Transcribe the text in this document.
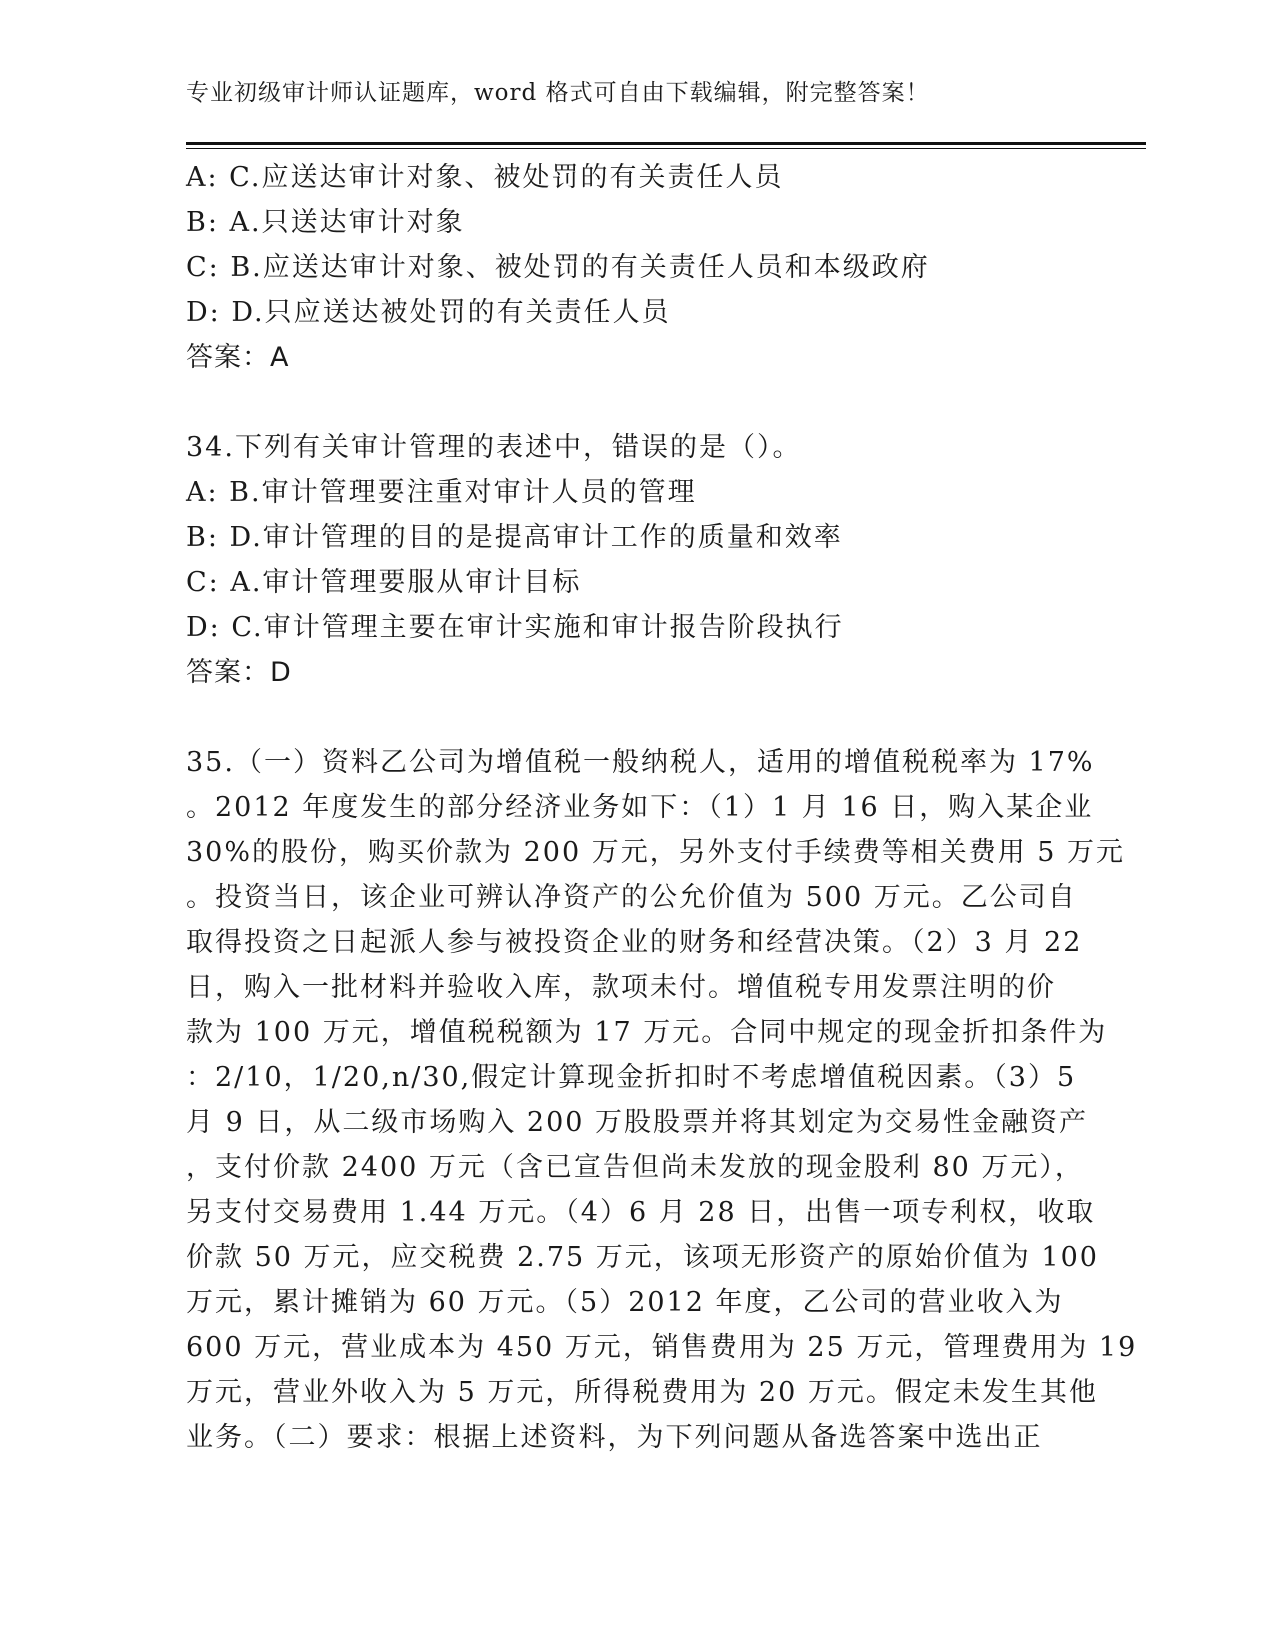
专业初级审计师认证题库，word 格式可自由下载编辑，附完整答案！
A: C.应送达审计对象、被处罚的有关责任人员
B: A.只送达审计对象
C: B.应送达审计对象、被处罚的有关责任人员和本级政府
D: D.只应送达被处罚的有关责任人员
答案：A
34.下列有关审计管理的表述中，错误的是（）。
A: B.审计管理要注重对审计人员的管理
B: D.审计管理的目的是提高审计工作的质量和效率
C: A.审计管理要服从审计目标
D: C.审计管理主要在审计实施和审计报告阶段执行
答案：D
35.（一）资料乙公司为增值税一般纳税人，适用的增值税税率为 17%
。2012 年度发生的部分经济业务如下：（1）1 月 16 日，购入某企业
30%的股份，购买价款为 200 万元，另外支付手续费等相关费用 5 万元
。投资当日，该企业可辨认净资产的公允价值为 500 万元。乙公司自
取得投资之日起派人参与被投资企业的财务和经营决策。（2）3 月 22
日，购入一批材料并验收入库，款项未付。增值税专用发票注明的价
款为 100 万元，增值税税额为 17 万元。合同中规定的现金折扣条件为
：2/10，1/20,n/30,假定计算现金折扣时不考虑增值税因素。（3）5
月 9 日，从二级市场购入 200 万股股票并将其划定为交易性金融资产
，支付价款 2400 万元（含已宣告但尚未发放的现金股利 80 万元），
另支付交易费用 1.44 万元。（4）6 月 28 日，出售一项专利权，收取
价款 50 万元，应交税费 2.75 万元，该项无形资产的原始价值为 100
万元，累计摊销为 60 万元。（5）2012 年度，乙公司的营业收入为
600 万元，营业成本为 450 万元，销售费用为 25 万元，管理费用为 19
万元，营业外收入为 5 万元，所得税费用为 20 万元。假定未发生其他
业务。（二）要求：根据上述资料，为下列问题从备选答案中选出正
